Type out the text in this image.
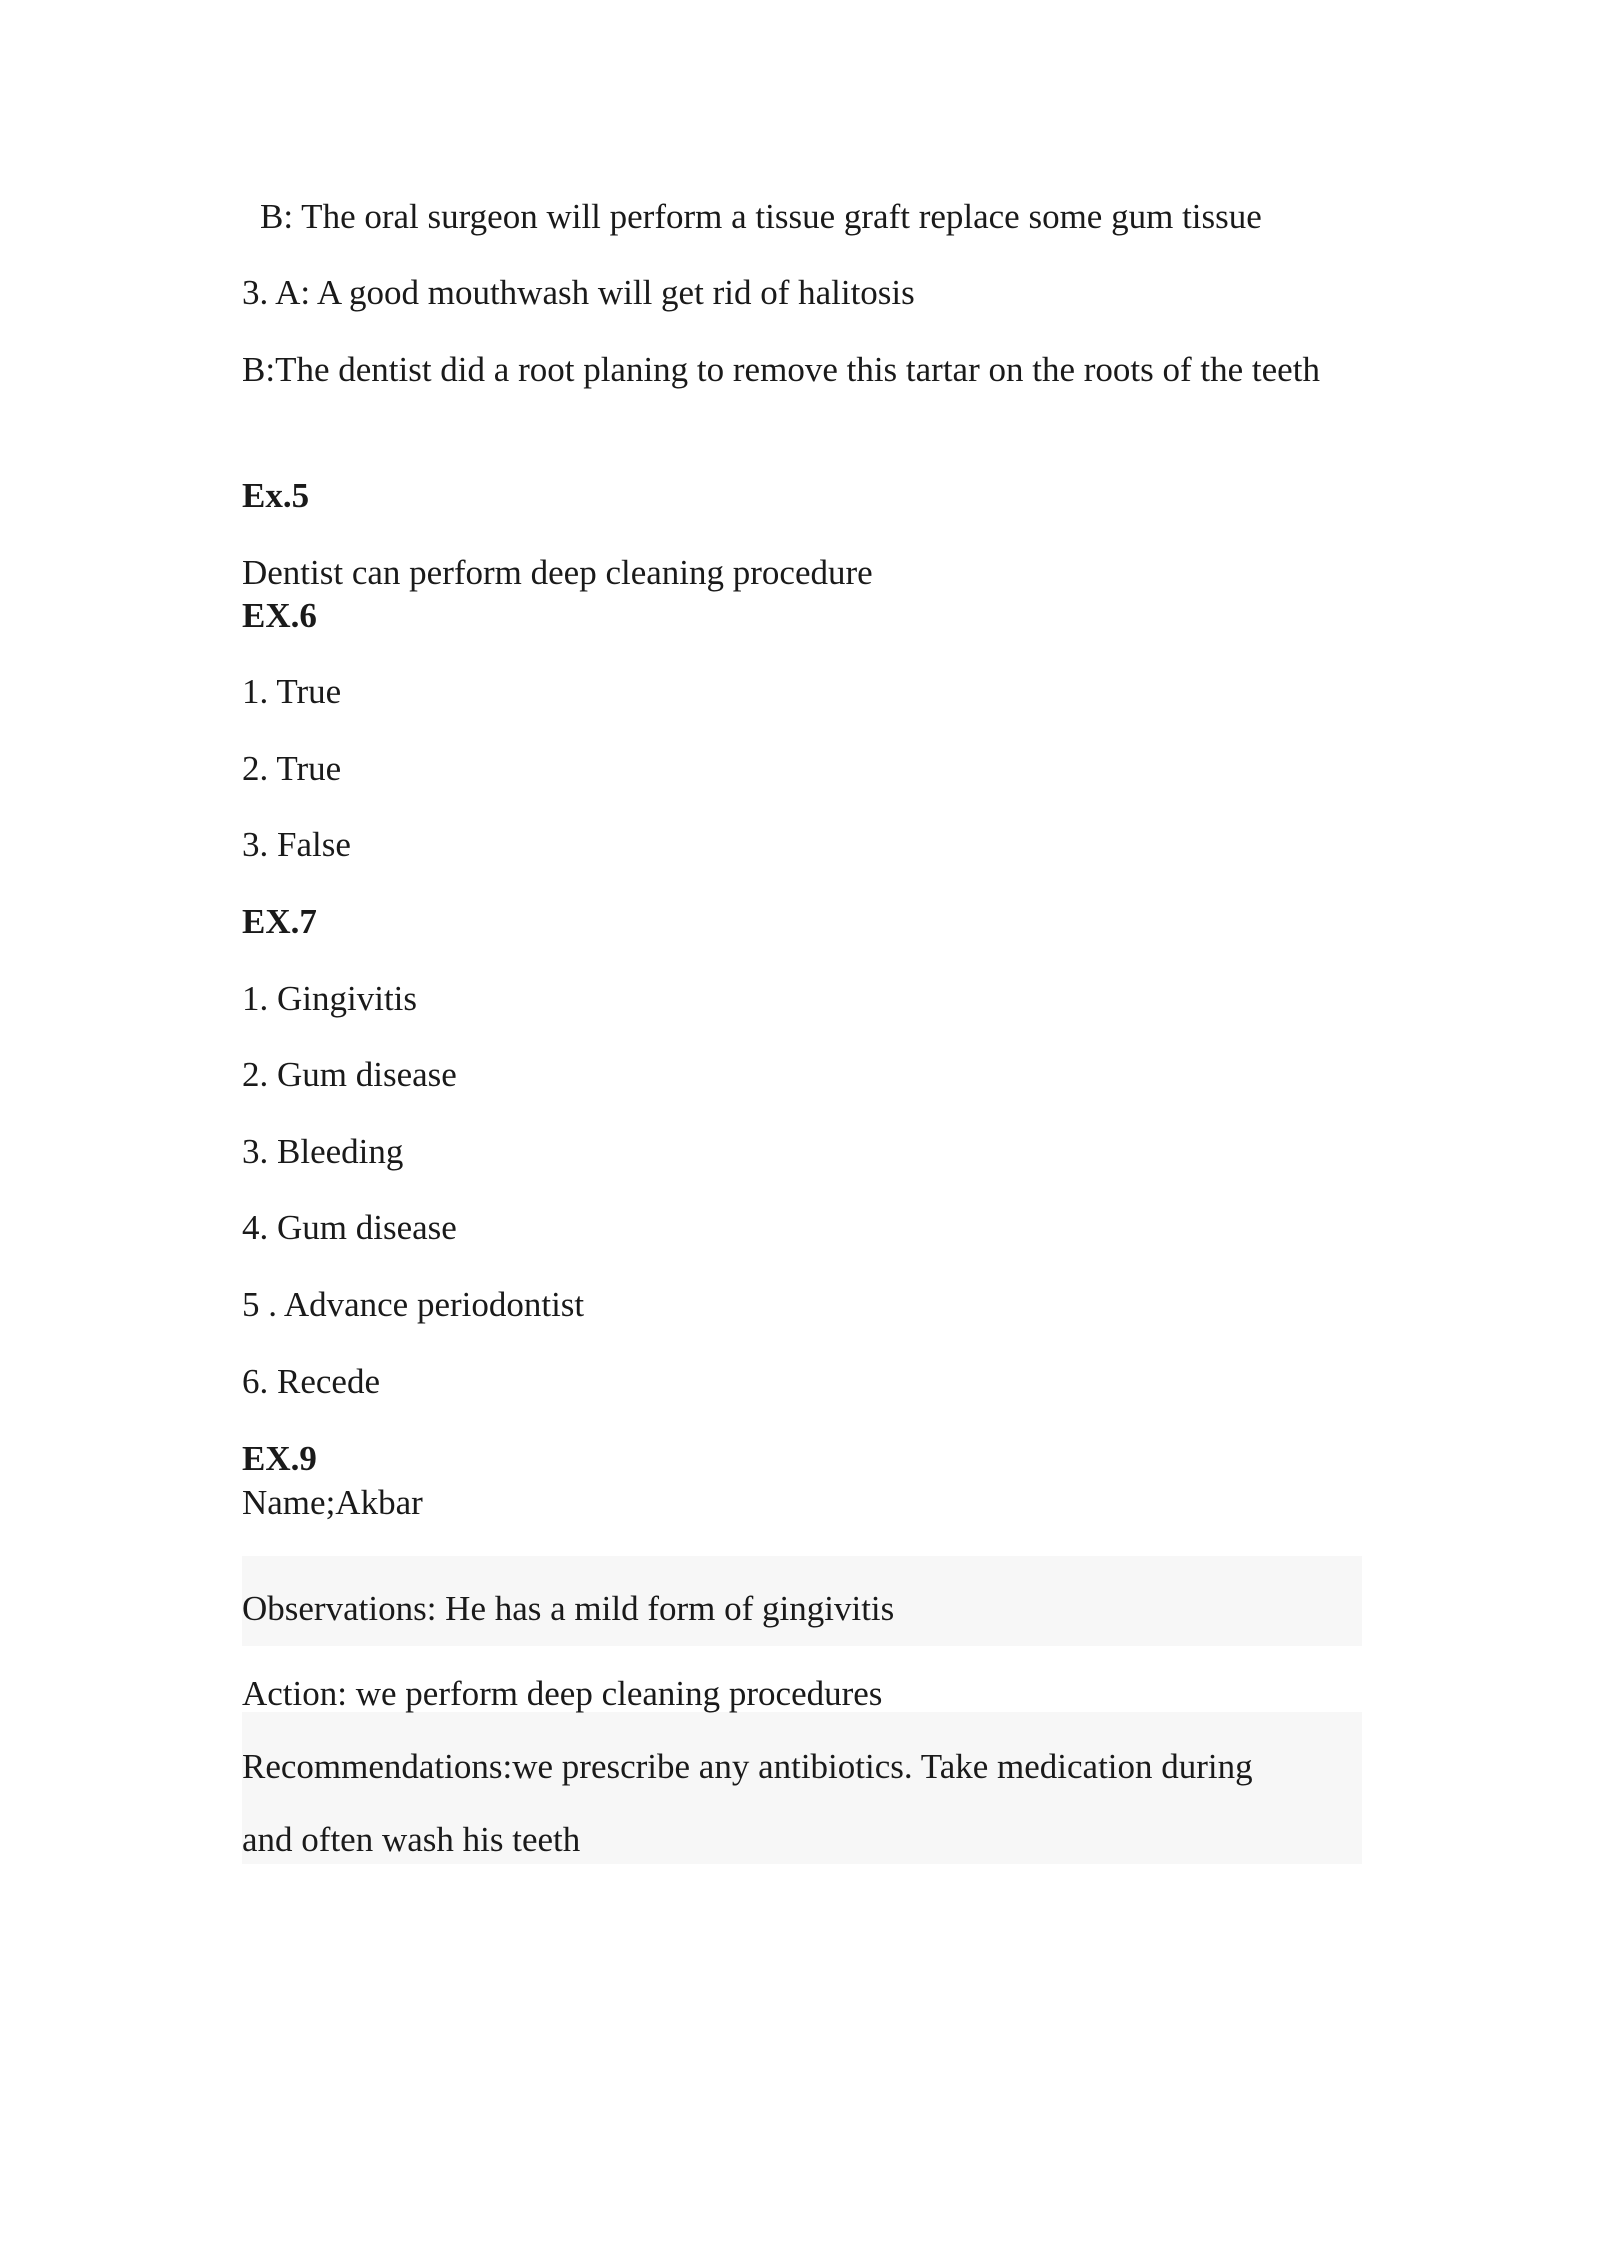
B: The oral surgeon will perform a tissue graft replace some gum tissue
3. A: A good mouthwash will get rid of halitosis
B:The dentist did a root planing to remove this tartar on the roots of the teeth
Ex.5
Dentist can perform deep cleaning procedure
EX.6
1. True
2. True
3. False
EX.7
1. Gingivitis
2. Gum disease
3. Bleeding
4. Gum disease
5 . Advance periodontist
6. Recede
EX.9
Name;Akbar
Observations: He has a mild form of gingivitis
Action: we perform deep cleaning procedures
Recommendations:we prescribe any antibiotics. Take medication during
and often wash his teeth
